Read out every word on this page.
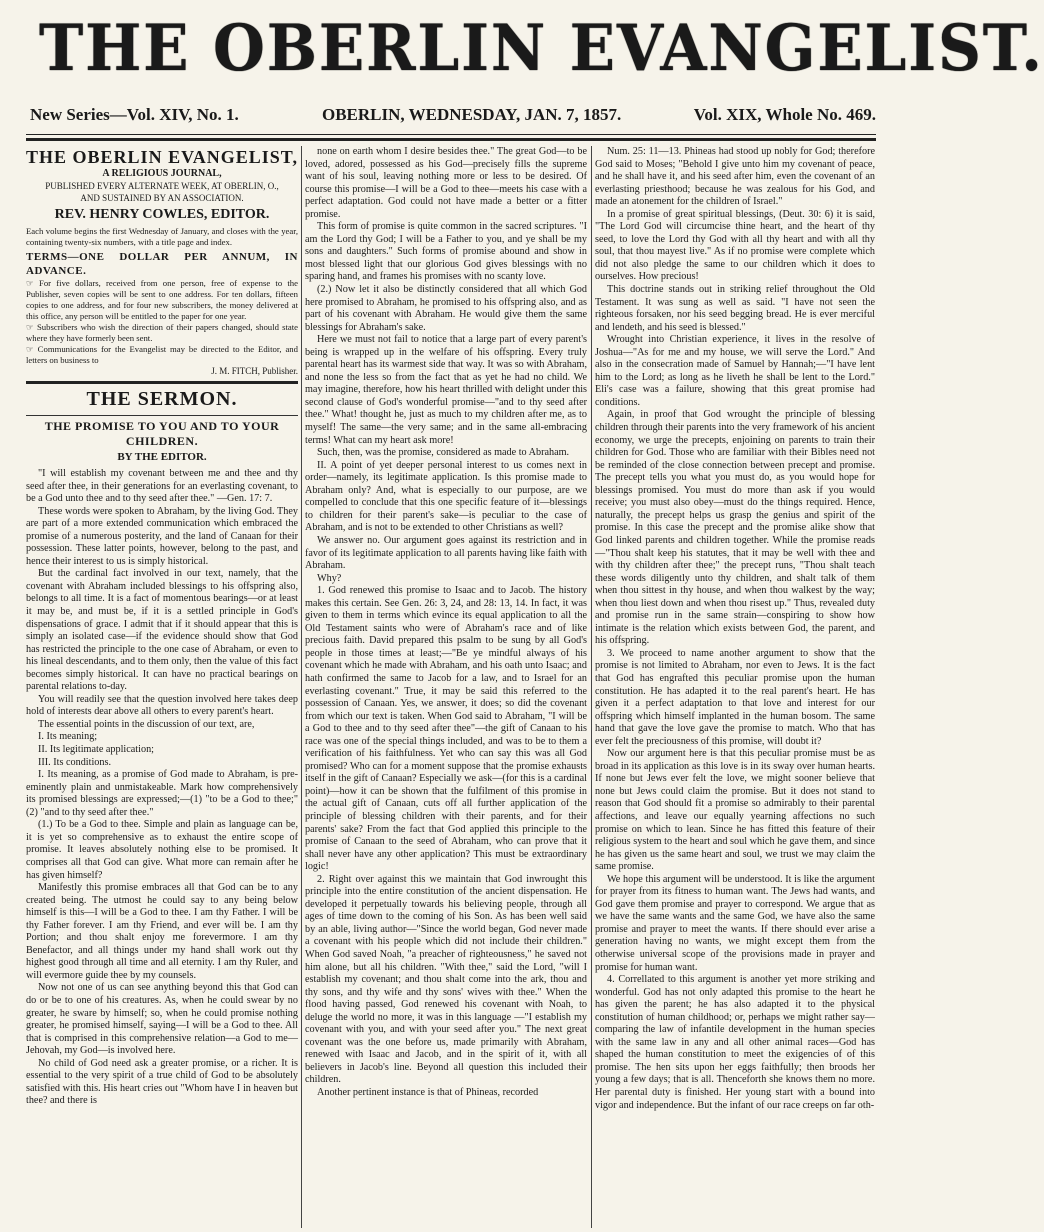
THE OBERLIN EVANGELIST.
New Series—Vol. XIV, No. 1.	OBERLIN, WEDNESDAY, JAN. 7, 1857.	Vol. XIX, Whole No. 469.
THE OBERLIN EVANGELIST,
A RELIGIOUS JOURNAL,
PUBLISHED EVERY ALTERNATE WEEK, AT OBERLIN, O.,
AND SUSTAINED BY AN ASSOCIATION.
REV. HENRY COWLES, EDITOR.

Each volume begins the first Wednesday of January, and closes with the year, containing twenty-six numbers, with a title page and index.

TERMS—ONE DOLLAR PER ANNUM, IN ADVANCE.

☞ For five dollars, received from one person, free of expense to the Publisher, seven copies will be sent to one address. For ten dollars, fifteen copies to one address, and for four new subscribers, the money delivered at this office, any person will be entitled to the paper for one year.

☞ Subscribers who wish the direction of their papers changed, should state where they have formerly been sent.

☞ Communications for the Evangelist may be directed to the Editor, and letters on business to

J. M. FITCH, Publisher.
THE SERMON.
THE PROMISE TO YOU AND TO YOUR CHILDREN.
BY THE EDITOR.

"I will establish my covenant between me and thee and thy seed after thee, in their generations for an everlasting covenant, to be a God unto thee and to thy seed after thee." —Gen. 17: 7.

These words were spoken to Abraham, by the living God. They are part of a more extended communication which embraced the promise of a numerous posterity, and the land of Canaan for their possession. These latter points, however, belong to the past, and hence their interest to us is simply historical.

But the cardinal fact involved in our text, namely, that the covenant with Abraham included blessings to his offspring also, belongs to all time. It is a fact of momentous bearings—or at least it may be, and must be, if it is a settled principle in God's dispensations of grace. I admit that if it should appear that this is simply an isolated case—if the evidence should show that God has restricted the principle to the one case of Abraham, or even to his lineal descendants, and to them only, then the value of this fact becomes simply historical. It can have no practical bearings on parental relations to-day.

You will readily see that the question involved here takes deep hold of interests dear above all others to every parent's heart.

The essential points in the discussion of our text, are,

I. Its meaning;

II. Its legitimate application;

III. Its conditions.

I. Its meaning, as a promise of God made to Abraham, is pre-eminently plain and unmistakeable. Mark how comprehensively its promised blessings are expressed;—(1) "to be a God to thee;" (2) "and to thy seed after thee."

(1.) To be a God to thee. Simple and plain as language can be, it is yet so comprehensive as to exhaust the entire scope of promise. It leaves absolutely nothing else to be promised. It comprises all that God can give. What more can remain after he has given himself?

Manifestly this promise embraces all that God can be to any created being. The utmost he could say to any being below himself is this—I will be a God to thee. I am thy Father. I will be thy Father forever. I am thy Friend, and ever will be. I am thy Portion; and thou shalt enjoy me forevermore. I am thy Benefactor, and all things under my hand shall work out thy highest good through all time and all eternity. I am thy Ruler, and will evermore guide thee by my counsels.

Now not one of us can see anything beyond this that God can do or be to one of his creatures. As, when he could swear by no greater, he sware by himself; so, when he could promise nothing greater, he promised himself, saying—I will be a God to thee. All that is comprised in this comprehensive relation—a God to me—Jehovah, my God—is involved here.

No child of God need ask a greater promise, or a richer. It is essential to the very spirit of a true child of God to be absolutely satisfied with this. His heart cries out "Whom have I in heaven but thee? and there is

none on earth whom I desire besides thee." The great God—to be loved, adored, possessed as his God—precisely fills the supreme want of his soul, leaving nothing more or less to be desired. Of course this promise—I will be a God to thee—meets his case with a perfect adaptation. God could not have made a better or a fitter promise.

This form of promise is quite common in the sacred scriptures. "I am the Lord thy God; I will be a Father to you, and ye shall be my sons and daughters." Such forms of promise abound and show in most blessed light that our glorious God gives blessings with no sparing hand, and frames his promises with no scanty love.

(2.) Now let it also be distinctly considered that all which God here promised to Abraham, he promised to his offspring also, and as part of his covenant with Abraham. He would give them the same blessings for Abraham's sake.

Here we must not fail to notice that a large part of every parent's being is wrapped up in the welfare of his offspring. Every truly parental heart has its warmest side that way. It was so with Abraham, and none the less so from the fact that as yet he had no child. We may imagine, therefore, how his heart thrilled with delight under this second clause of God's wonderful promise—"and to thy seed after thee." What! thought he, just as much to my children after me, as to myself! The same—the very same; and in the same all-embracing terms! What can my heart ask more!

Such, then, was the promise, considered as made to Abraham.

II. A point of yet deeper personal interest to us comes next in order—namely, its legitimate application. Is this promise made to Abraham only? And, what is especially to our purpose, are we compelled to conclude that this one specific feature of it—blessings to children for their parent's sake—is peculiar to the case of Abraham, and is not to be extended to other Christians as well?

We answer no. Our argument goes against its restriction and in favor of its legitimate application to all parents having like faith with Abraham.

Why?

1. God renewed this promise to Isaac and to Jacob. The history makes this certain. See Gen. 26: 3, 24, and 28: 13, 14. In fact, it was given to them in terms which evince its equal application to all the Old Testament saints who were of Abraham's race and of like precious faith. David prepared this psalm to be sung by all God's people in those times at least;—"Be ye mindful always of his covenant which he made with Abraham, and his oath unto Isaac; and hath confirmed the same to Jacob for a law, and to Israel for an everlasting covenant." True, it may be said this referred to the possession of Canaan. Yes, we answer, it does; so did the covenant from which our text is taken. When God said to Abraham, "I will be a God to thee and to thy seed after thee"—the gift of Canaan to his race was one of the special things included, and was to be to them a verification of his faithfulness. Yet who can say this was all God promised? Who can for a moment suppose that the promise exhausts itself in the gift of Canaan? Especially we ask—(for this is a cardinal point)—how it can be shown that the fulfilment of this promise in the actual gift of Canaan, cuts off all further application of the principle of blessing children with their parents, and for their parents' sake? From the fact that God applied this principle to the promise of Canaan to the seed of Abraham, who can prove that it shall never have any other application? This must be extraordinary logic!

2. Right over against this we maintain that God inwrought this principle into the entire constitution of the ancient dispensation. He developed it perpetually towards his believing people, through all ages of time down to the coming of his Son. As has been well said by an able, living author—"Since the world began, God never made a covenant with his people which did not include their children." When God saved Noah, "a preacher of righteousness," he saved not him alone, but all his children. "With thee," said the Lord, "will I establish my covenant; and thou shalt come into the ark, thou and thy sons, and thy wife and thy sons' wives with thee." When the flood having passed, God renewed his covenant with Noah, to deluge the world no more, it was in this language —"I establish my covenant with you, and with your seed after you." The next great covenant was the one before us, made primarily with Abraham, renewed with Isaac and Jacob, and in the spirit of it, with all believers in Jacob's line. Beyond all question this included their children.

Another pertinent instance is that of Phineas, recorded

Num. 25: 11—13. Phineas had stood up nobly for God; therefore God said to Moses; "Behold I give unto him my covenant of peace, and he shall have it, and his seed after him, even the covenant of an everlasting priesthood; because he was zealous for his God, and made an atonement for the children of Israel."

In a promise of great spiritual blessings, (Deut. 30: 6) it is said, "The Lord God will circumcise thine heart, and the heart of thy seed, to love the Lord thy God with all thy heart and with all thy soul, that thou mayest live." As if no promise were complete which did not also pledge the same to our children which it does to ourselves. How precious!

This doctrine stands out in striking relief throughout the Old Testament. It was sung as well as said. "I have not seen the righteous forsaken, nor his seed begging bread. He is ever merciful and lendeth, and his seed is blessed."

Wrought into Christian experience, it lives in the resolve of Joshua—"As for me and my house, we will serve the Lord." And also in the consecration made of Samuel by Hannah;—"I have lent him to the Lord; as long as he liveth he shall be lent to the Lord." Eli's case was a failure, showing that this great promise had conditions.

Again, in proof that God wrought the principle of blessing children through their parents into the very framework of his ancient economy, we urge the precepts, enjoining on parents to train their children for God. Those who are familiar with their Bibles need not be reminded of the close connection between precept and promise. The precept tells you what you must do, as you would hope for blessings promised. You must do more than ask if you would receive; you must also obey—must do the things required. Hence, naturally, the precept helps us grasp the genius and spirit of the promise. In this case the precept and the promise alike show that God linked parents and children together. While the promise reads—"Thou shalt keep his statutes, that it may be well with thee and with thy children after thee;" the precept runs, "Thou shalt teach these words diligently unto thy children, and shalt talk of them when thou sittest in thy house, and when thou walkest by the way; when thou liest down and when thou risest up." Thus, revealed duty and promise run in the same strain—conspiring to show how intimate is the relation which exists between God, the parent, and his offspring.

3. We proceed to name another argument to show that the promise is not limited to Abraham, nor even to Jews. It is the fact that God has engrafted this peculiar promise upon the human constitution. He has adapted it to the real parent's heart. He has given it a perfect adaptation to that love and interest for our offspring which himself implanted in the human bosom. The same hand that gave the love gave the promise to match. Who that has ever felt the preciousness of this promise, will doubt it?

Now our argument here is that this peculiar promise must be as broad in its application as this love is in its sway over human hearts. If none but Jews ever felt the love, we might sooner believe that none but Jews could claim the promise. But it does not stand to reason that God should fit a promise so admirably to their parental affections, and leave our equally yearning affections no such promise on which to lean. Since he has fitted this feature of their religious system to the heart and soul which he gave them, and since he has given us the same heart and soul, we trust we may claim the same promise.

We hope this argument will be understood. It is like the argument for prayer from its fitness to human want. The Jews had wants, and God gave them promise and prayer to correspond. We argue that as we have the same wants and the same God, we have also the same promise and prayer to meet the wants. If there should ever arise a generation having no wants, we might except them from the otherwise universal scope of the provisions made in prayer and promise for human want.

4. Correllated to this argument is another yet more striking and wonderful. God has not only adapted this promise to the heart he has given the parent; he has also adapted it to the physical constitution of human childhood; or, perhaps we might rather say—comparing the law of infantile development in the human species with the same law in any and all other animal races—God has shaped the human constitution to meet the exigencies of of this promise. The hen sits upon her eggs faithfully; then broods her young a few days; that is all. Thenceforth she knows them no more. Her parental duty is finished. Her young start with a bound into vigor and independence. But the infant of our race creeps on far oth-
